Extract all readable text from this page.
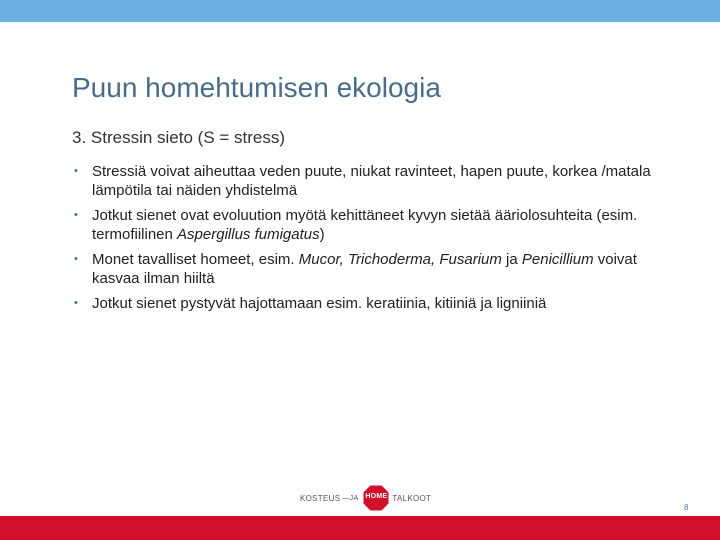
Puun homehtumisen ekologia
3. Stressin sieto (S = stress)
• Stressiä voivat aiheuttaa veden puute, niukat ravinteet, hapen puute, korkea /matala lämpötila tai näiden yhdistelmä
• Jotkut sienet ovat evoluution myötä kehittäneet kyvyn sietää ääriolosuhteita (esim. termofiilinen Aspergillus fumigatus)
• Monet tavalliset homeet, esim. Mucor, Trichoderma, Fusarium ja Penicillium voivat kasvaa ilman hiiltä
• Jotkut sienet pystyvät hajottamaan esim. keratiinia, kitiiniä ja ligniiniä
KOSTEUS —JA HOME TALKOOT
8
